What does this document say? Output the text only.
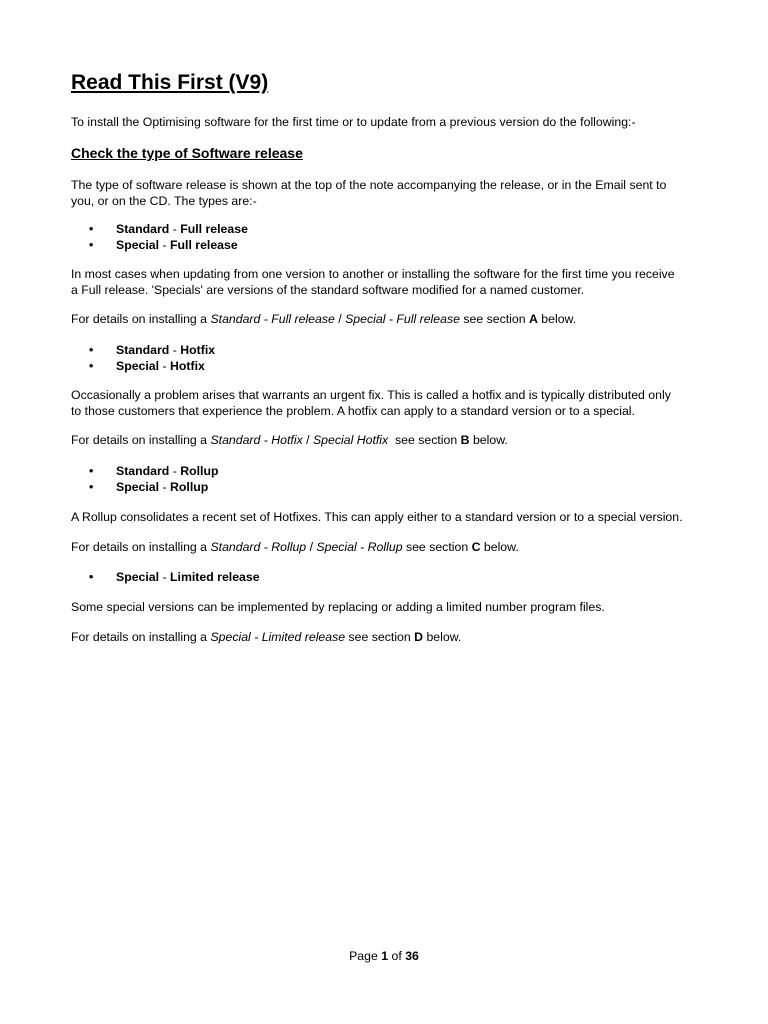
Read This First (V9)

To install the Optimising software for the first time or to update from a previous version do the following:-

Check the type of Software release

The type of software release is shown at the top of the note accompanying the release, or in the Email sent to

you, or on the CD. The types are:-

• Standard - Full release
• Special - Full release

In most cases when updating from one version to another or installing the software for the first time you receive

a Full release. 'Specials' are versions of the standard software modified for a named customer.

For details on installing a Standard - Full release / Special - Full release see section A below.

• Standard - Hotfix
• Special - Hotfix

Occasionally a problem arises that warrants an urgent fix. This is called a hotfix and is typically distributed only

to those customers that experience the problem. A hotfix can apply to a standard version or to a special.

For details on installing a Standard - Hotfix / Special Hotfix  see section B below.

• Standard - Rollup
• Special - Rollup

A Rollup consolidates a recent set of Hotfixes. This can apply either to a standard version or to a special version.

For details on installing a Standard - Rollup / Special - Rollup see section C below.

• Special - Limited release

Some special versions can be implemented by replacing or adding a limited number program files.

For details on installing a Special - Limited release see section D below.

Page 1 of 36
